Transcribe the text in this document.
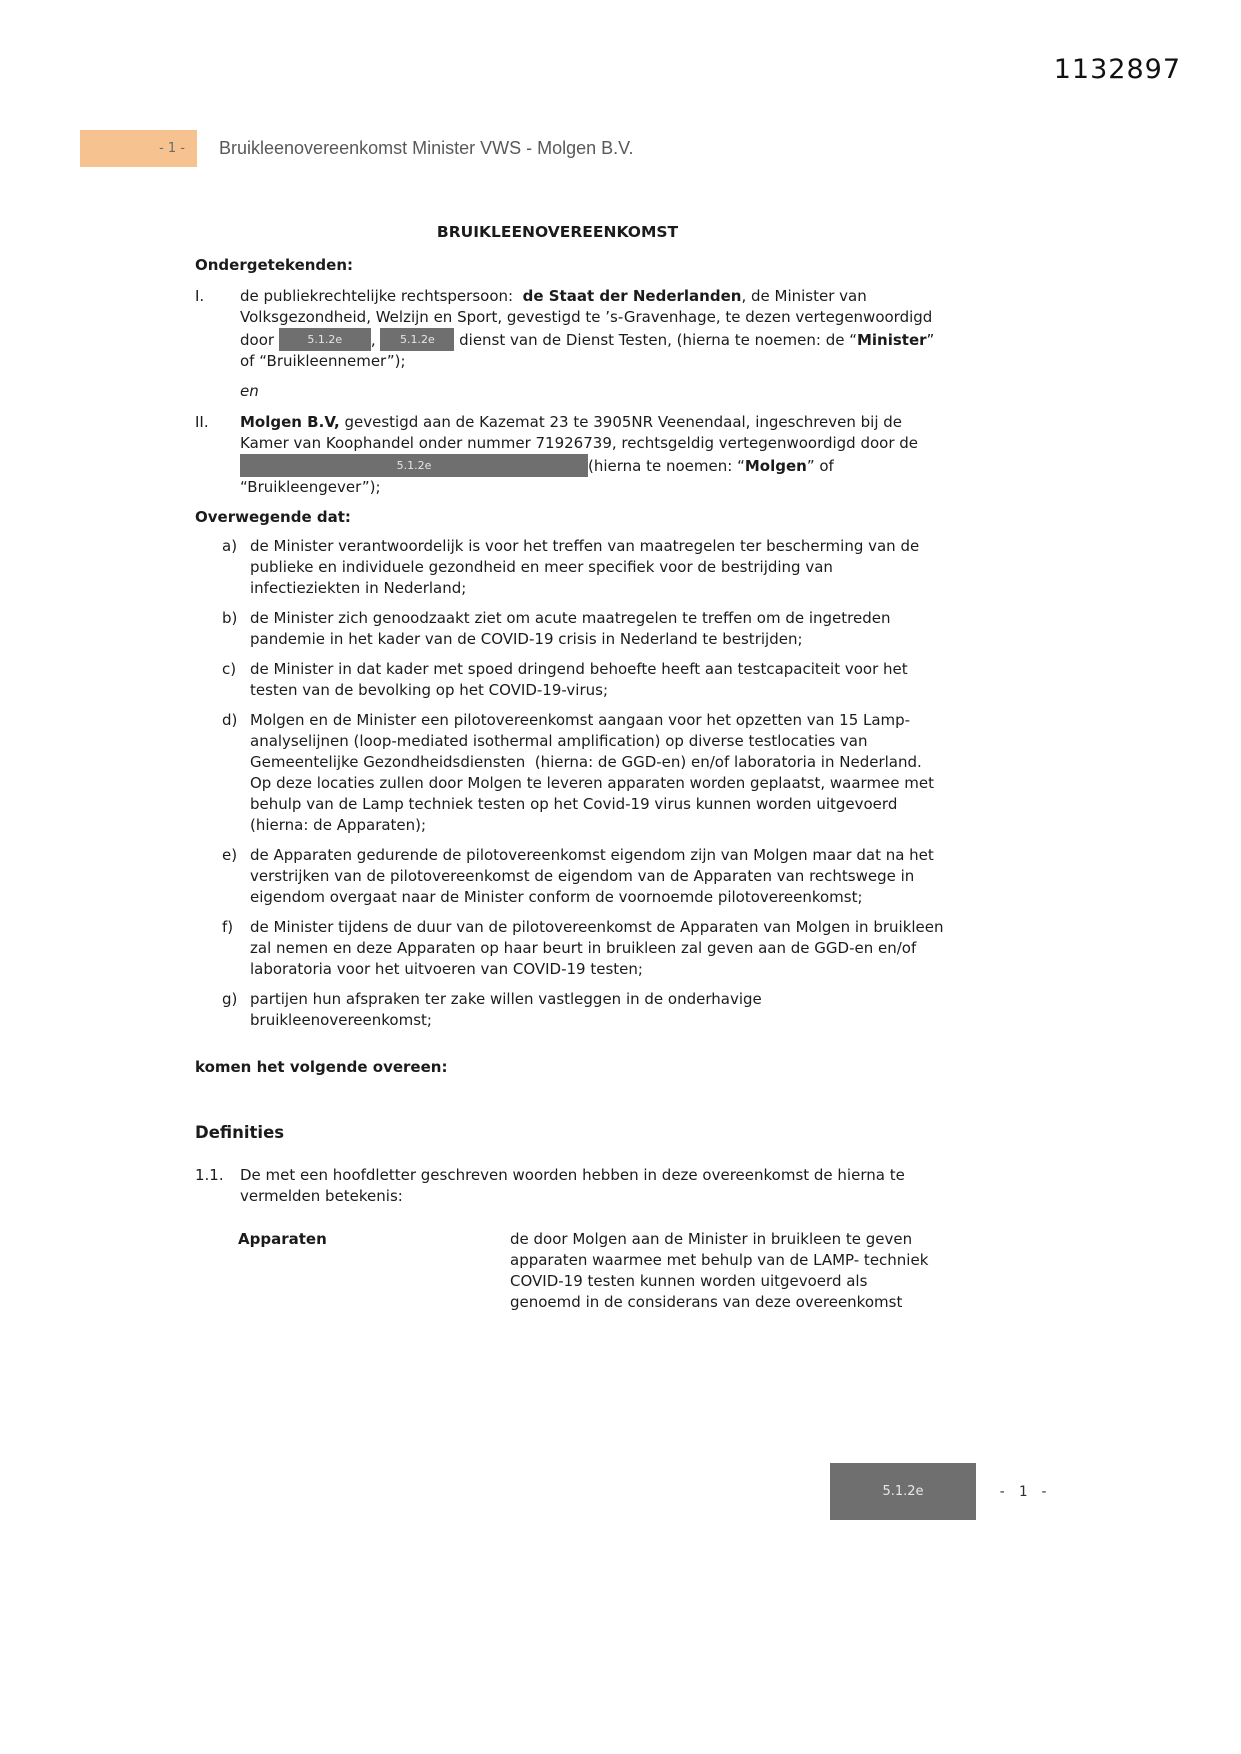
1132897
- 1 - Bruikleenovereenkomst Minister VWS - Molgen B.V.
BRUIKLEENOVEREENKOMST
Ondergetekenden:
I.	de publiekrechtelijke rechtspersoon:  de Staat der Nederlanden, de Minister van
Volksgezondheid, Welzijn en Sport, gevestigd te ’s-Gravenhage, te dezen vertegenwoordigd
door	5.1.2e , 5.1.2e dienst van de Dienst Testen, (hierna te noemen: de “Minister”
of “Bruikleennemer”);
en
II.	Molgen B.V, gevestigd aan de Kazemat 23 te 3905NR Veenendaal, ingeschreven bij de
Kamer van Koophandel onder nummer 71926739, rechtsgeldig vertegenwoordigd door de
5.1.2e	(hierna te noemen: “Molgen” of
“Bruikleengever”);
Overwegende dat:
a) de Minister verantwoordelijk is voor het treffen van maatregelen ter bescherming van de
publieke en individuele gezondheid en meer specifiek voor de bestrijding van
infectieziekten in Nederland;
b) de Minister zich genoodzaakt ziet om acute maatregelen te treffen om de ingetreden
pandemie in het kader van de COVID-19 crisis in Nederland te bestrijden;
c) de Minister in dat kader met spoed dringend behoefte heeft aan testcapaciteit voor het
testen van de bevolking op het COVID-19-virus;
d) Molgen en de Minister een pilotovereenkomst aangaan voor het opzetten van 15 Lamp-
analyselijnen (loop-mediated isothermal amplification) op diverse testlocaties van
Gemeentelijke Gezondheidsdiensten  (hierna: de GGD-en) en/of laboratoria in Nederland.
Op deze locaties zullen door Molgen te leveren apparaten worden geplaatst, waarmee met
behulp van de Lamp techniek testen op het Covid-19 virus kunnen worden uitgevoerd
(hierna: de Apparaten);
e) de Apparaten gedurende de pilotovereenkomst eigendom zijn van Molgen maar dat na het
verstrijken van de pilotovereenkomst de eigendom van de Apparaten van rechtswege in
eigendom overgaat naar de Minister conform de voornoemde pilotovereenkomst;
f)	de Minister tijdens de duur van de pilotovereenkomst de Apparaten van Molgen in bruikleen
zal nemen en deze Apparaten op haar beurt in bruikleen zal geven aan de GGD-en en/of
laboratoria voor het uitvoeren van COVID-19 testen;
g) partijen hun afspraken ter zake willen vastleggen in de onderhavige
bruikleenovereenkomst;
komen het volgende overeen:
Definities
1.1.	De met een hoofdletter geschreven woorden hebben in deze overeenkomst de hierna te
vermelden betekenis:
Apparaten	de door Molgen aan de Minister in bruikleen te geven
apparaten waarmee met behulp van de LAMP- techniek
COVID-19 testen kunnen worden uitgevoerd als
genoemd in de considerans van deze overeenkomst
5.1.2e	- 1 -
